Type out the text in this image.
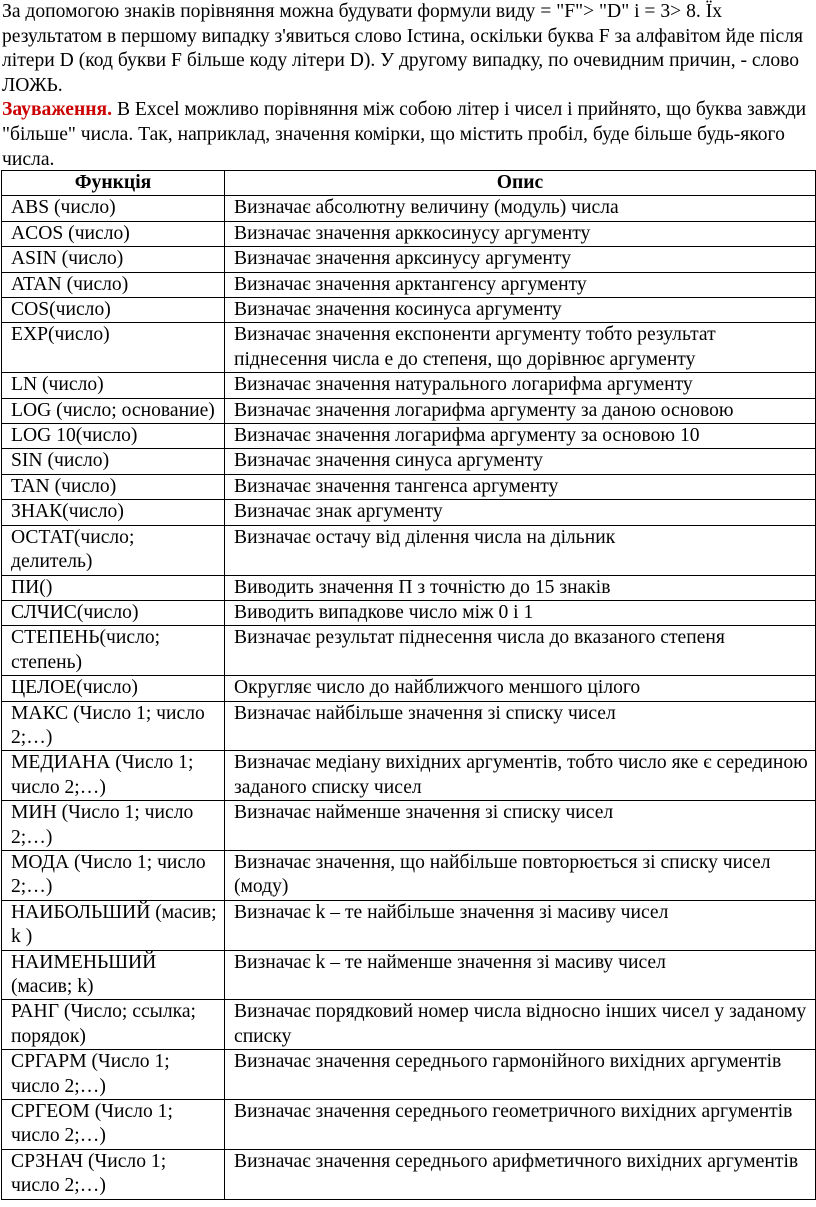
За допомогою знаків порівняння можна будувати формули виду = "F"> "D" і = 3> 8. Їх результатом в першому випадку з'явиться слово Істина, оскільки буква F за алфавітом йде після літери D (код букви F більше коду літери D). У другому випадку, по очевидним причин, - слово ЛОЖЬ.

Зауваження. В Excel можливо порівняння між собою літер і чисел і прийнято, що буква завжди "більше" числа. Так, наприклад, значення комірки, що містить пробіл, буде більше будь-якого числа.

Функція	Опис
ABS (число)	Визначає абсолютну величину (модуль) числа
ACOS (число)	Визначає значення арккосинусу аргументу
ASIN (число)	Визначає значення арксинусу аргументу
ATAN (число)	Визначає значення арктангенсу аргументу
COS(число)	Визначає значення косинуса аргументу
EXP(число)	Визначає значення експоненти аргументу тобто результат піднесення числа e до степеня, що дорівнює аргументу
LN (число)	Визначає значення натурального логарифма аргументу
LOG (число; основание)	Визначає значення логарифма аргументу за даною основою
LOG 10(число)	Визначає значення логарифма аргументу за основою 10
SIN (число)	Визначає значення синуса аргументу
TAN (число)	Визначає значення тангенса аргументу
ЗНАК(число)	Визначає знак аргументу
ОСТАТ(число; делитель)	Визначає остачу від ділення числа на дільник
ПИ()	Виводить значення П з точністю до 15 знаків
СЛЧИС(число)	Виводить випадкове число між 0 і 1
СТЕПЕНЬ(число; степень)	Визначає результат піднесення числа до вказаного степеня
ЦЕЛОЕ(число)	Округляє число до найближчого меншого цілого
МАКС (Число 1; число 2;…)	Визначає найбільше значення зі списку чисел
МЕДИАНА (Число 1; число 2;…)	Визначає медіану вихідних аргументів, тобто число яке є серединою заданого списку чисел
МИН (Число 1; число 2;…)	Визначає найменше значення зі списку чисел
МОДА (Число 1; число 2;…)	Визначає значення, що найбільше повторюється зі списку чисел (моду)
НАИБОЛЬШИЙ (масив; k )	Визначає k – те найбільше значення зі масиву чисел
НАИМЕНЬШИЙ (масив; k)	Визначає k – те найменше значення зі масиву чисел
РАНГ (Число; ссылка; порядок)	Визначає порядковий номер числа відносно інших чисел у заданому списку
СРГАРМ (Число 1; число 2;…)	Визначає значення середнього гармонійного вихідних аргументів
СРГЕОМ (Число 1; число 2;…)	Визначає значення середнього геометричного вихідних аргументів
СРЗНАЧ (Число 1; число 2;…)	Визначає значення середнього арифметичного вихідних аргументів
